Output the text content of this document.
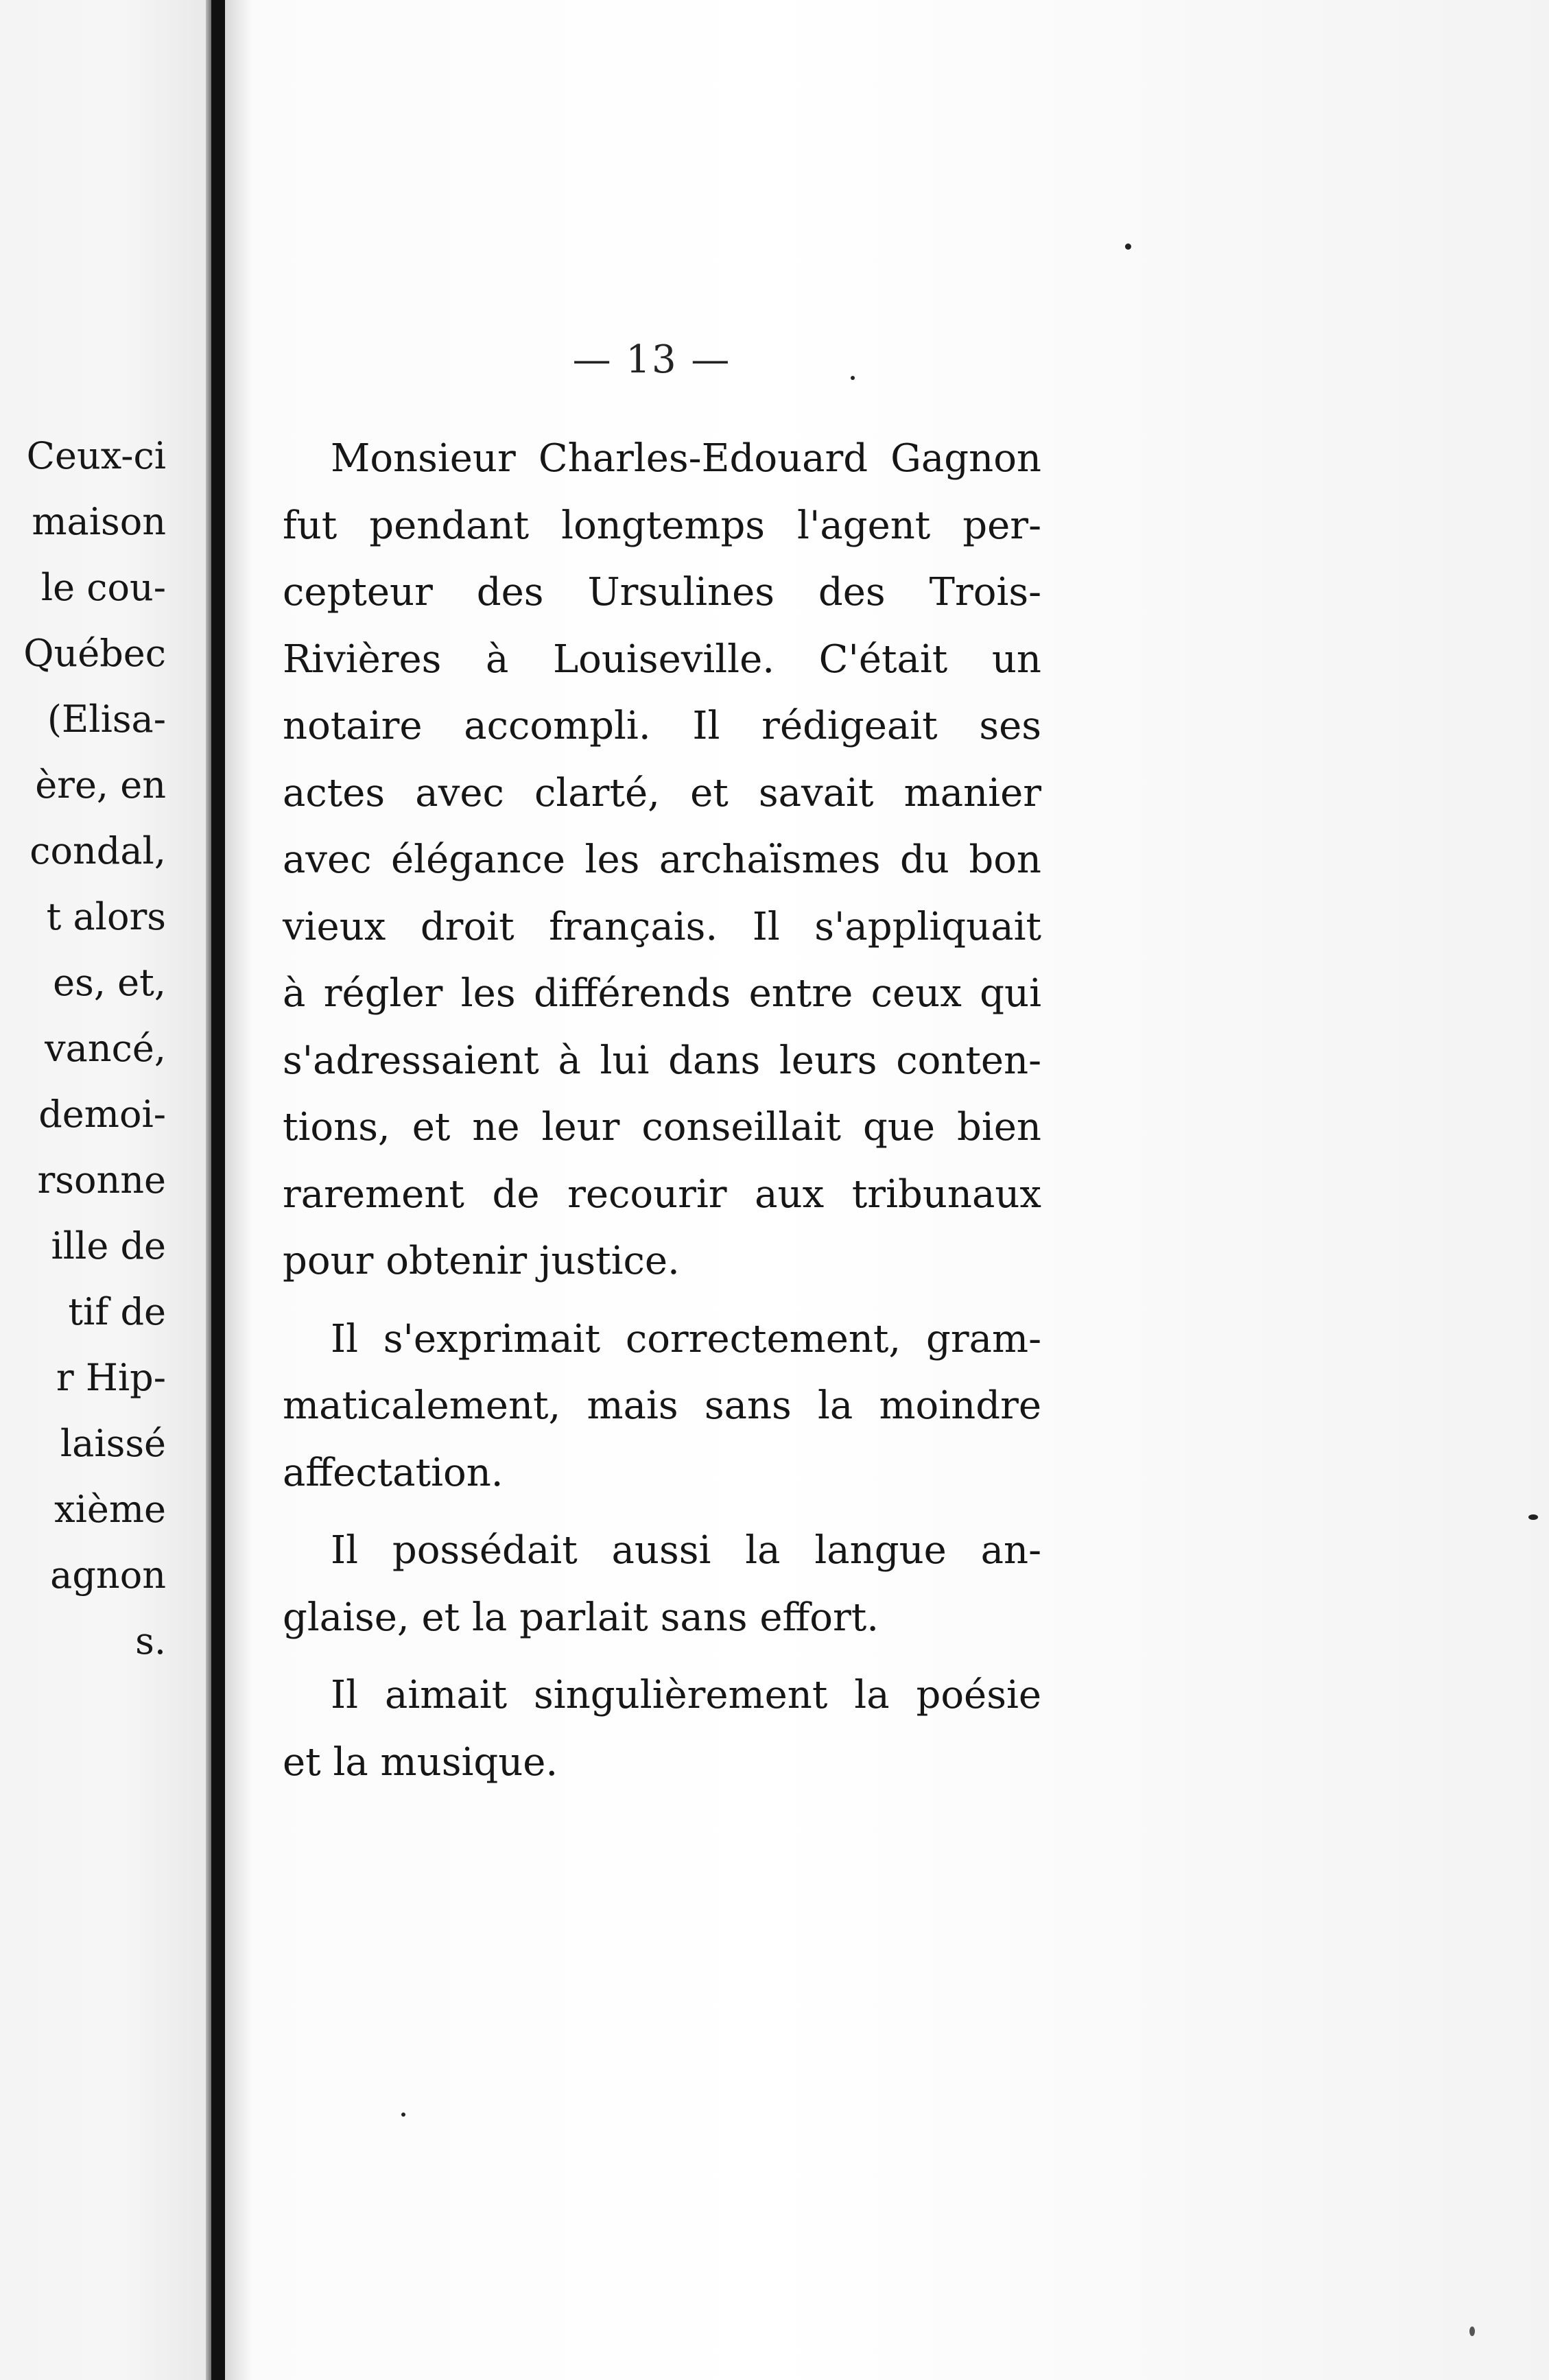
Ceux-ci
maison
le cou-
Québec
(Elisa-
ère, en
condal,
t alors
es, et,
vancé,
demoi-
rsonne
ille de
tif de
r Hip-
laissé
xième
agnon
s.
— 13 —
Monsieur Charles-Edouard Gagnon
fut pendant longtemps l'agent per-
cepteur des Ursulines des Trois-
Rivières à Louiseville. C'était un
notaire accompli. Il rédigeait ses
actes avec clarté, et savait manier
avec élégance les archaïsmes du bon
vieux droit français. Il s'appliquait
à régler les différends entre ceux qui
s'adressaient à lui dans leurs conten-
tions, et ne leur conseillait que bien
rarement de recourir aux tribunaux
pour obtenir justice.
Il s'exprimait correctement, gram-
maticalement, mais sans la moindre
affectation.
Il possédait aussi la langue an-
glaise, et la parlait sans effort.
Il aimait singulièrement la poésie
et la musique.
